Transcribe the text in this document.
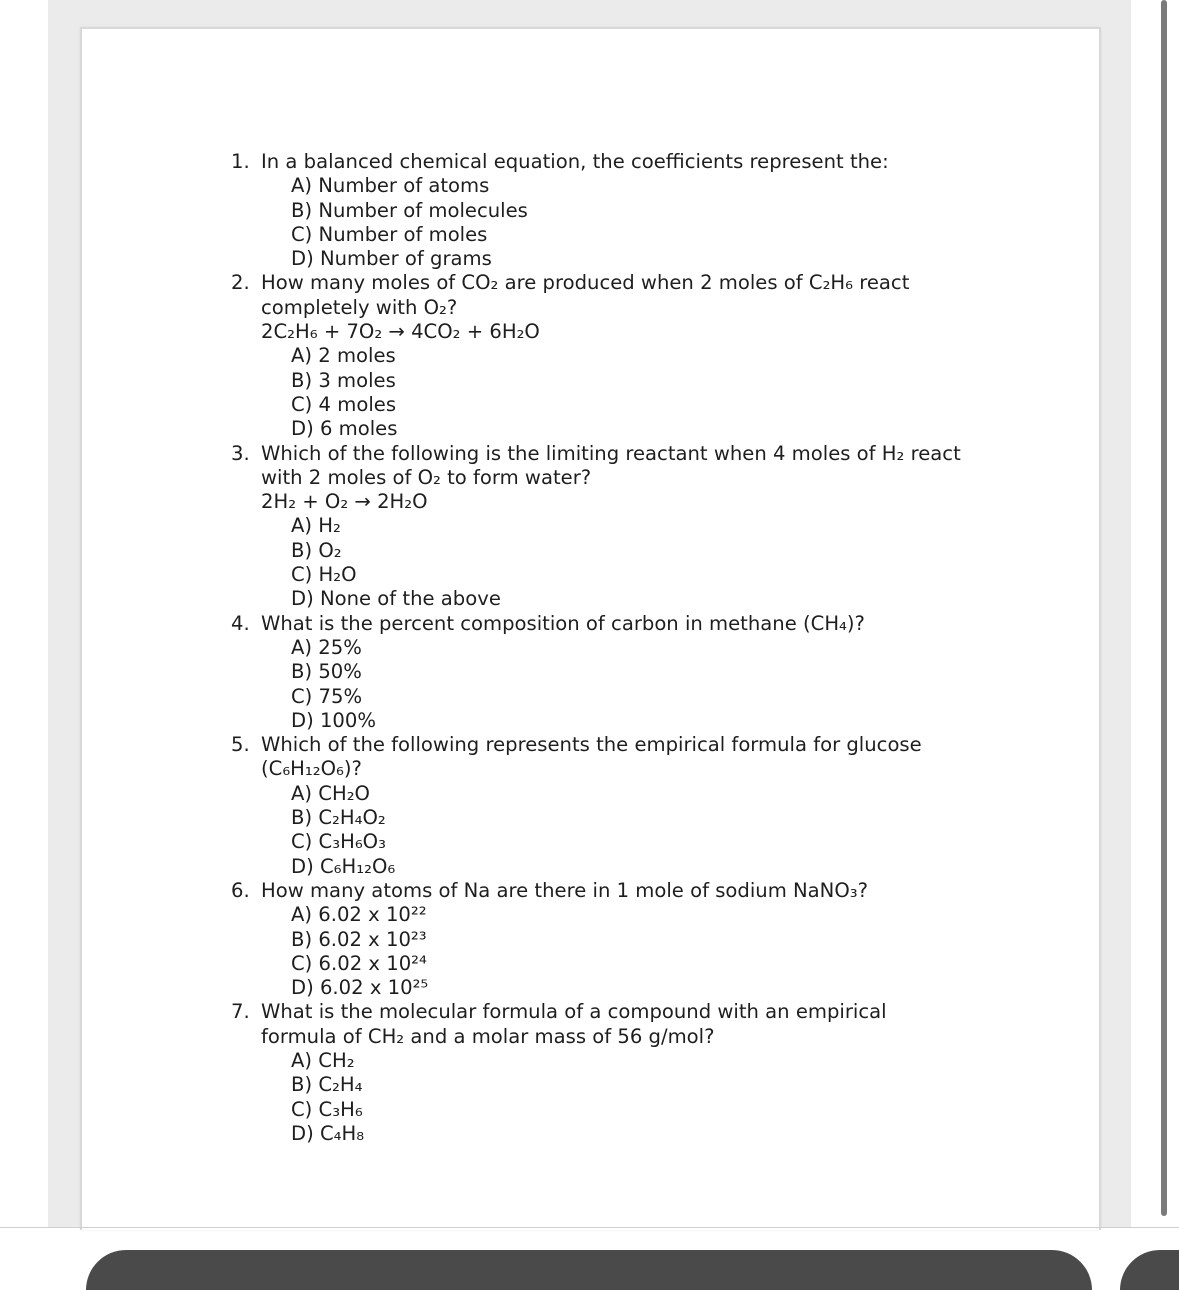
1. In a balanced chemical equation, the coefficients represent the:
A) Number of atoms
B) Number of molecules
C) Number of moles
D) Number of grams
2. How many moles of CO₂ are produced when 2 moles of C₂H₆ react
completely with O₂?
2C₂H₆ + 7O₂ → 4CO₂ + 6H₂O
A) 2 moles
B) 3 moles
C) 4 moles
D) 6 moles
3. Which of the following is the limiting reactant when 4 moles of H₂ react
with 2 moles of O₂ to form water?
2H₂ + O₂ → 2H₂O
A) H₂
B) O₂
C) H₂O
D) None of the above
4. What is the percent composition of carbon in methane (CH₄)?
A) 25%
B) 50%
C) 75%
D) 100%
5. Which of the following represents the empirical formula for glucose
(C₆H₁₂O₆)?
A) CH₂O
B) C₂H₄O₂
C) C₃H₆O₃
D) C₆H₁₂O₆
6. How many atoms of Na are there in 1 mole of sodium NaNO₃?
A) 6.02 x 10²²
B) 6.02 x 10²³
C) 6.02 x 10²⁴
D) 6.02 x 10²⁵
7. What is the molecular formula of a compound with an empirical
formula of CH₂ and a molar mass of 56 g/mol?
A) CH₂
B) C₂H₄
C) C₃H₆
D) C₄H₈
